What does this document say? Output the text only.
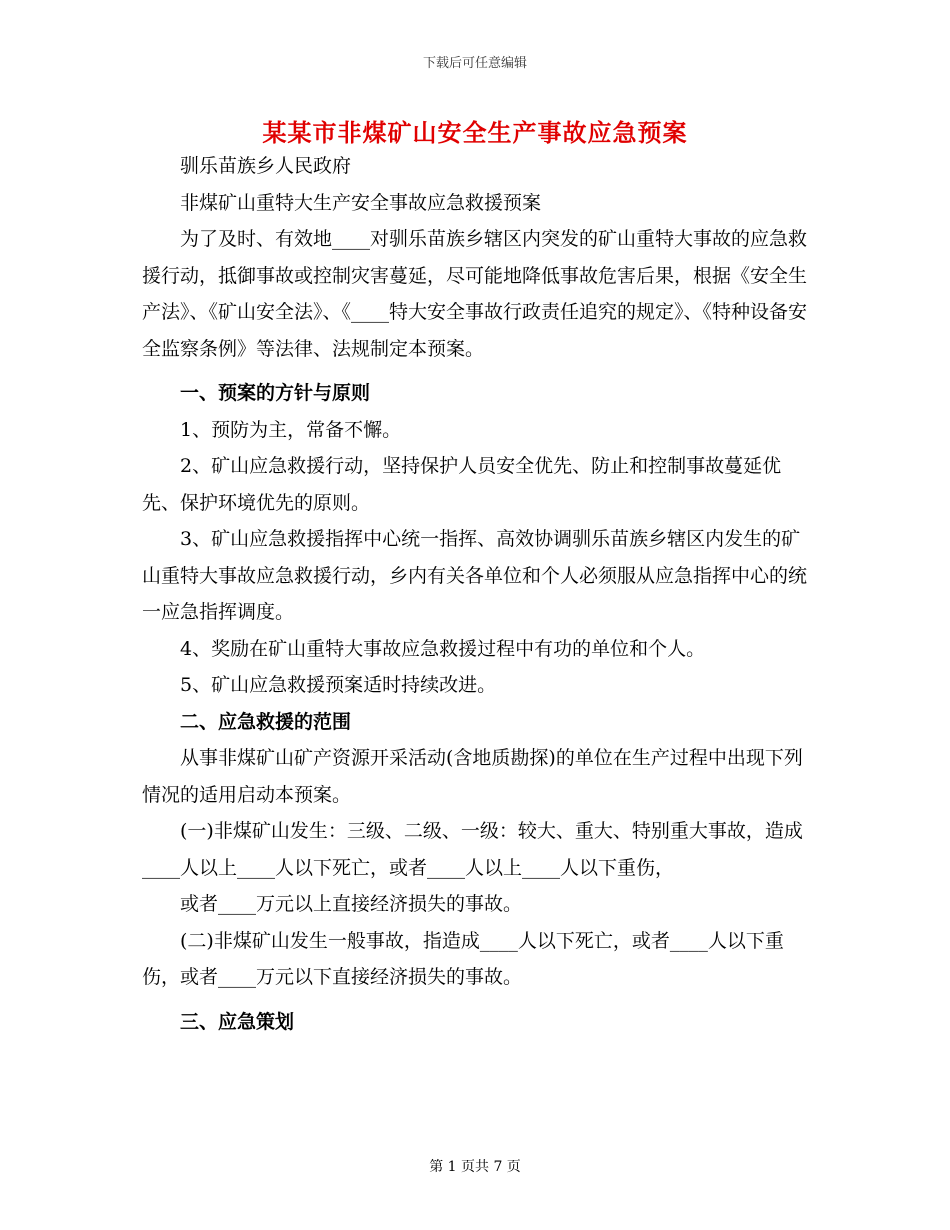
下载后可任意编辑
某某市非煤矿山安全生产事故应急预案

驯乐苗族乡人民政府

非煤矿山重特大生产安全事故应急救援预案

为了及时、有效地____对驯乐苗族乡辖区内突发的矿山重特大事故的应急救援行动，抵御事故或控制灾害蔓延，尽可能地降低事故危害后果，根据《安全生产法》、《矿山安全法》、《____特大安全事故行政责任追究的规定》、《特种设备安全监察条例》等法律、法规制定本预案。

一、预案的方针与原则

1、预防为主，常备不懈。

2、矿山应急救援行动，坚持保护人员安全优先、防止和控制事故蔓延优先、保护环境优先的原则。

3、矿山应急救援指挥中心统一指挥、高效协调驯乐苗族乡辖区内发生的矿山重特大事故应急救援行动，乡内有关各单位和个人必须服从应急指挥中心的统一应急指挥调度。

4、奖励在矿山重特大事故应急救援过程中有功的单位和个人。

5、矿山应急救援预案适时持续改进。

二、应急救援的范围

从事非煤矿山矿产资源开采活动(含地质勘探)的单位在生产过程中出现下列情况的适用启动本预案。

(一)非煤矿山发生：三级、二级、一级：较大、重大、特别重大事故，造成____人以上____人以下死亡，或者____人以上____人以下重伤，

或者____万元以上直接经济损失的事故。

(二)非煤矿山发生一般事故，指造成____人以下死亡，或者____人以下重伤，或者____万元以下直接经济损失的事故。

三、应急策划

第 1 页共 7 页
